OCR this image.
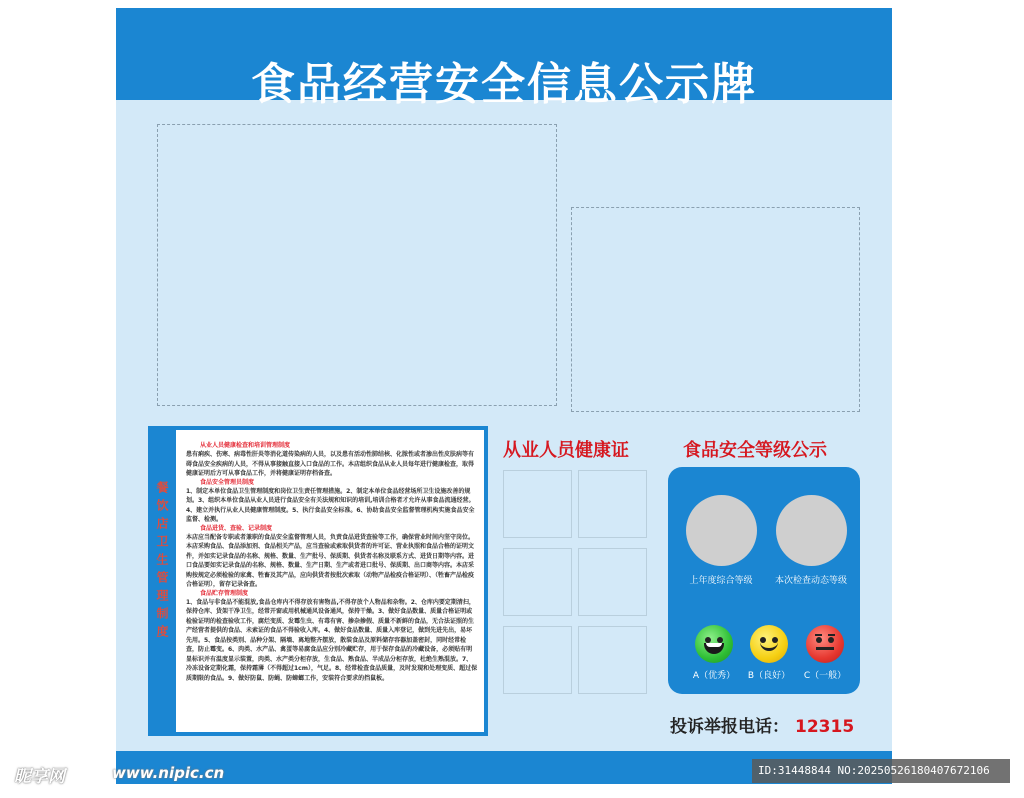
食品经营安全信息公示牌
餐饮店卫生管理制度
从业人员健康检查和培训管理制度
患有痢疾、伤寒、病毒性肝炎等消化道传染病的人员，以及患有活动性肺结核、化脓性或者渗出性皮肤病等有碍食品安全疾病的人员，不得从事接触直接入口食品的工作。本店组织食品从业人员每年进行健康检查，取得健康证明后方可从事食品工作，并将健康证明存档备查。
食品安全管理员制度
1、制定本单位食品卫生管理制度和岗位卫生责任管理措施。2、制定本单位食品经营场所卫生设施改善的规划。3、组织本单位食品从业人员进行食品安全有关法规和知识的培训,培训合格者才允许从事食品流通经营。4、建立并执行从业人员健康管理制度。5、执行食品安全标准。6、协助食品安全监督管理机构实施食品安全监督、检测。
食品进货、查验、记录制度
本店应当配备专职或者兼职的食品安全监督管理人员，负责食品进货查验等工作，确保营业时间内坚守岗位。本店采购食品、食品添加剂、食品相关产品，应当查验或索取供货者的许可证、营业执照和食品合格的证明文件，并如实记录食品的名称、规格、数量、生产批号、保质期、供货者名称及联系方式、进货日期等内容。进口食品要如实记录食品的名称、规格、数量、生产日期、生产或者进口批号、保质期、出口商等内容。本店采购按规定必须检验的家禽、牲畜及其产品，应向供货者按批次索取（动物产品检疫合格证明）、（牲畜产品检疫合格证明），留存记录备查。
食品贮存管理制度
1、食品与非食品不能混放,食品仓库内不得存放有害物品,不得存放个人物品和杂物。2、仓库内要定期清扫，保持仓库、货架干净卫生，经常开窗或用机械通风设备通风，保持干燥。3、做好食品数量、质量合格证明或检验证明的检查验收工作，腐烂变质、发霉生虫、有毒有害、掺杂掺假、质量不新鲜的食品，无合法证照的生产经营者提供的食品、未索证的食品不得验收入库。4、做好食品数量、质量入库登记，做到先进先出，易坏先用。5、食品按类别、品种分架、隔墙、离地整齐摆放，散装食品及原料储存容器加盖密封，同时经常检查，防止霉变。6、肉类、水产品、禽蛋等易腐食品应分别冷藏贮存，用于保存食品的冷藏设备，必须贴有明显标识并有温度显示装置，肉类、水产类分柜存放，生食品、熟食品、半成品分柜存放，杜绝生熟混放。7、冷冻设备定期化霜，保持霜薄（不得超过1cm），气足。8、经常检查食品质量，及时发现和处理变质、超过保质期限的食品。9、做好防鼠、防蝇、防蟑螂工作，安装符合要求的挡鼠板。
从业人员健康证	食品安全等级公示
上年度综合等级	本次检查动态等级
A（优秀）	B（良好）	C（一般）
投诉举报电话： 12315
昵享网	www.nipic.cn	ID:31448844 NO:20250526180407672106
